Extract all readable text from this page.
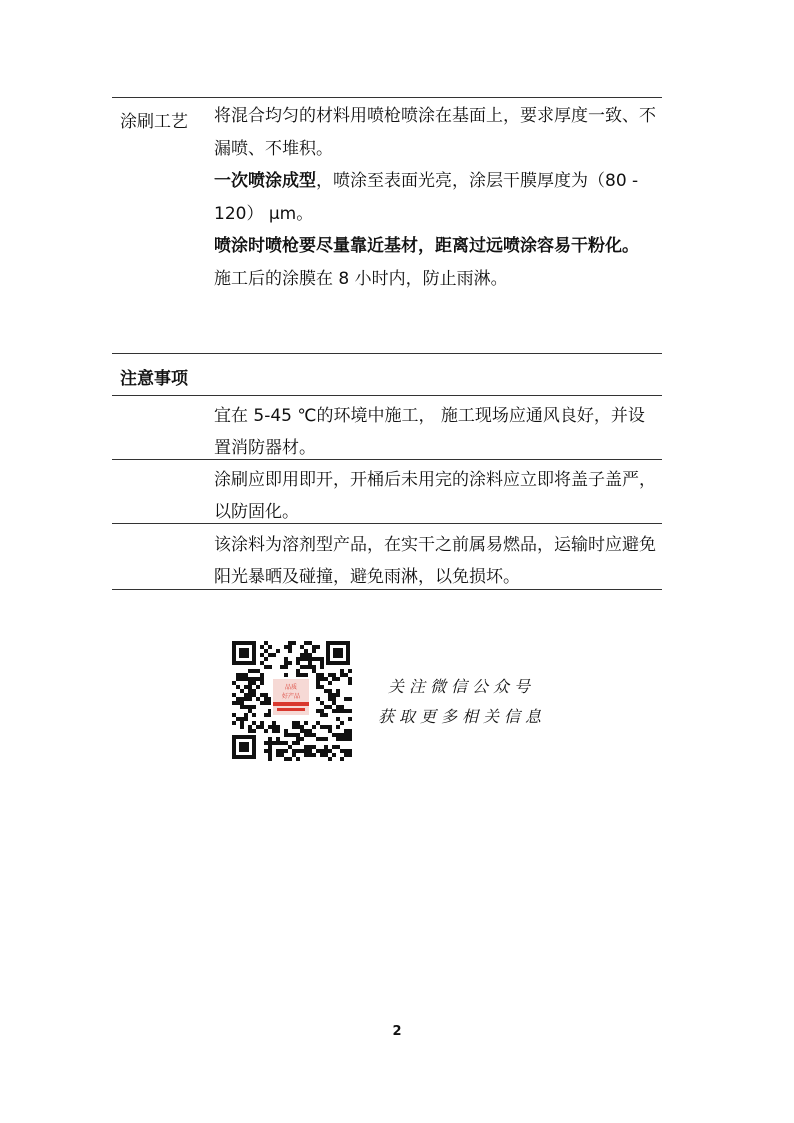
涂刷工艺 将混合均匀的材料用喷枪喷涂在基面上，要求厚度一致、不漏喷、不堆积。

一次喷涂成型，喷涂至表面光亮，涂层干膜厚度为（80 - 120） μm。

喷涂时喷枪要尽量靠近基材，距离过远喷涂容易干粉化。

施工后的涂膜在 8 小时内，防止雨淋。

注意事项
宜在 5-45 ℃的环境中施工， 施工现场应通风良好，并设置消防器材。
涂刷应即用即开，开桶后未用完的涂料应立即将盖子盖严，以防固化。
该涂料为溶剂型产品，在实干之前属易燃品，运输时应避免阳光暴晒及碰撞，避免雨淋，以免损坏。
品质
好产品
关注微信公众号
获取更多相关信息
2
